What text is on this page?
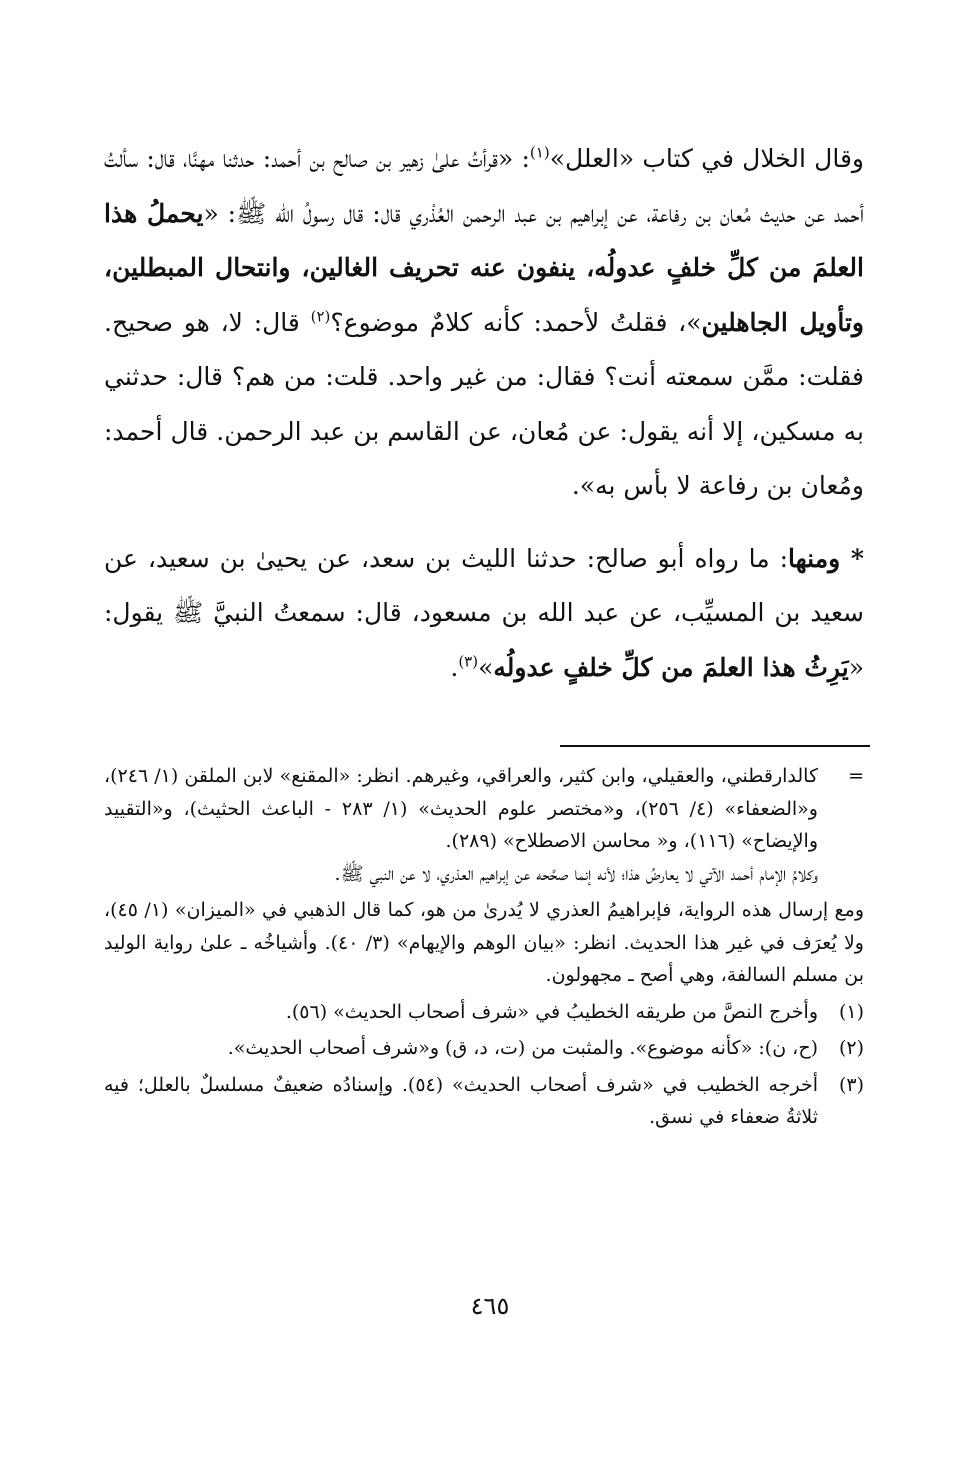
وقال الخلال في كتاب «العلل»$^{(١)}$: «قرأتُ علىٰ زهير بن صالح بن أحمد: حدثنا مهنَّا، قال: سألتُ أحمد عن حديث مُعان بن رفاعة، عن إبراهيم بن عبد الرحمن العُذْري قال: قال رسولُ الله ﷺ: «يحملُ هذا العلمَ من كلِّ خلفٍ عدولُه، ينفون عنه تحريف الغالين، وانتحال المبطلين، وتأويل الجاهلين»، فقلتُ لأحمد: كأنه كلامٌ موضوع؟$^{(٢)}$ قال: لا، هو صحيح. فقلت: ممَّن سمعته أنت؟ فقال: من غير واحد. قلت: من هم؟ قال: حدثني به مسكين، إلا أنه يقول: عن مُعان، عن القاسم بن عبد الرحمن. قال أحمد: ومُعان بن رفاعة لا بأس به».

* ومنها: ما رواه أبو صالح: حدثنا الليث بن سعد، عن يحيىٰ بن سعيد، عن سعيد بن المسيِّب، عن عبد الله بن مسعود، قال: سمعتُ النبيَّ ﷺ يقول: «يَرِثُ هذا العلمَ من كلِّ خلفٍ عدولُه»$^{(٣)}$.

=

كالدارقطني، والعقيلي، وابن كثير، والعراقي، وغيرهم. انظر: «المقنع» لابن الملقن (١/ ٢٤٦)، و«الضعفاء» (٤/ ٢٥٦)، و«مختصر علوم الحديث» (١/ ٢٨٣ - الباعث الحثيث)، و«التقييد والإيضاح» (١١٦)، و« محاسن الاصطلاح» (٢٨٩).

وكلامُ الإمام أحمد الآتي لا يعارضُ هذا؛ لأنه إنما صحَّحه عن إبراهيم العذري، لا عن النبي ﷺ.

ومع إرسال هذه الرواية، فإبراهيمُ العذري لا يُدرىٰ من هو، كما قال الذهبي في «الميزان» (١/ ٤٥)، ولا يُعرَف في غير هذا الحديث. انظر: «بيان الوهم والإيهام» (٣/ ٤٠). وأشياخُه ـ علىٰ رواية الوليد بن مسلم السالفة، وهي أصح ـ مجهولون.

(١)
وأخرج النصَّ من طريقه الخطيبُ في «شرف أصحاب الحديث» (٥٦).
(٢)
(ح، ن): «كأنه موضوع». والمثبت من (ت، د، ق) و«شرف أصحاب الحديث».
(٣)
أخرجه الخطيب في «شرف أصحاب الحديث» (٥٤). وإسنادُه ضعيفٌ مسلسلٌ بالعلل؛ فيه ثلاثةُ ضعفاء في نسق.
٤٦٥
